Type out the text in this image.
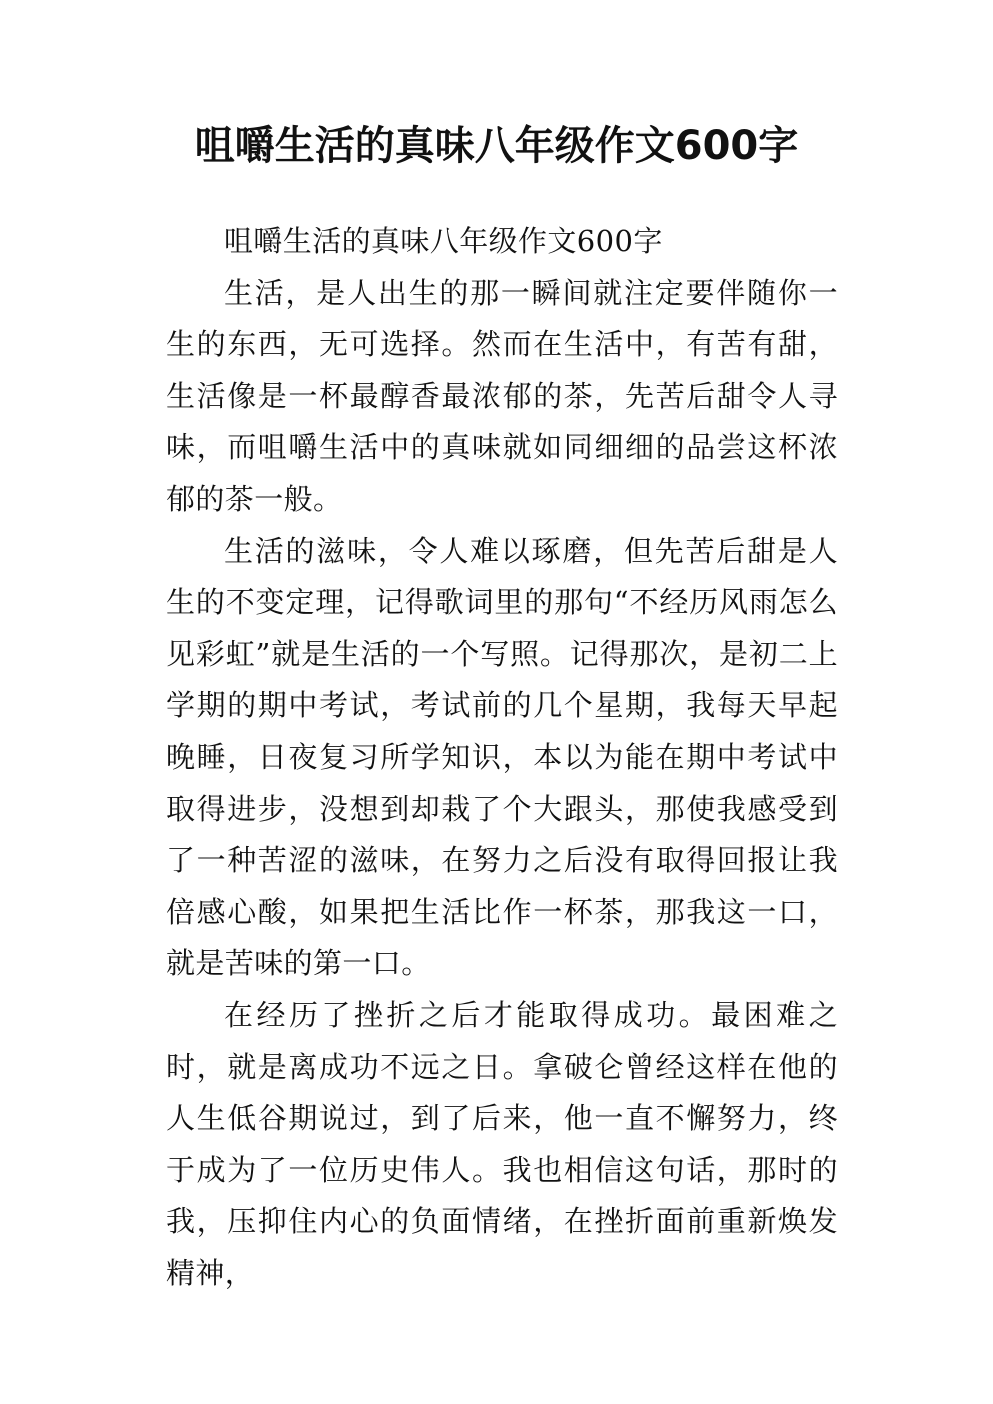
咀嚼生活的真味八年级作文600字

咀嚼生活的真味八年级作文600字

生活，是人出生的那一瞬间就注定要伴随你一生的东西，无可选择。然而在生活中，有苦有甜，生活像是一杯最醇香最浓郁的茶，先苦后甜令人寻味，而咀嚼生活中的真味就如同细细的品尝这杯浓郁的茶一般。

生活的滋味，令人难以琢磨，但先苦后甜是人生的不变定理，记得歌词里的那句“不经历风雨怎么见彩虹”就是生活的一个写照。记得那次，是初二上学期的期中考试，考试前的几个星期，我每天早起晚睡，日夜复习所学知识，本以为能在期中考试中取得进步，没想到却栽了个大跟头，那使我感受到了一种苦涩的滋味，在努力之后没有取得回报让我倍感心酸，如果把生活比作一杯茶，那我这一口，就是苦味的第一口。

在经历了挫折之后才能取得成功。最困难之时，就是离成功不远之日。拿破仑曾经这样在他的人生低谷期说过，到了后来，他一直不懈努力，终于成为了一位历史伟人。我也相信这句话，那时的我，压抑住内心的负面情绪，在挫折面前重新焕发精神，
